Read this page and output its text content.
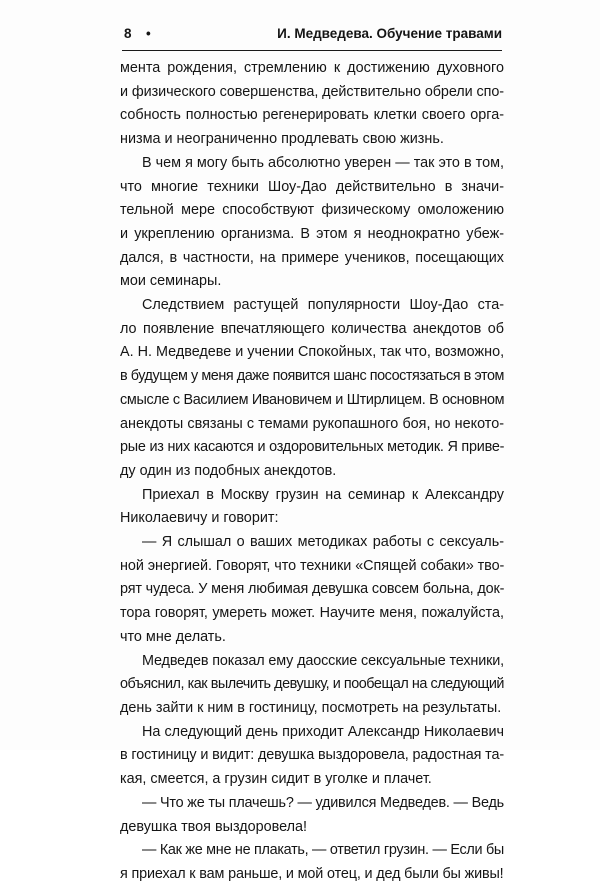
8 •	И. Медведева. Обучение травами
мента рождения, стремлению к достижению духовного
и физического совершенства, действительно обрели спо-
собность полностью регенерировать клетки своего орга-
низма и неограниченно продлевать свою жизнь.
В чем я могу быть абсолютно уверен — так это в том,
что многие техники Шоу-Дао действительно в значи-
тельной мере способствуют физическому омоложению
и укреплению организма. В этом я неоднократно убеж-
дался, в частности, на примере учеников, посещающих
мои семинары.
Следствием растущей популярности Шоу-Дао ста-
ло появление впечатляющего количества анекдотов об
А. Н. Медведеве и учении Спокойных, так что, возможно,
в будущем у меня даже появится шанс посостязаться в этом
смысле с Василием Ивановичем и Штирлицем. В основном
анекдоты связаны с темами рукопашного боя, но некото-
рые из них касаются и оздоровительных методик. Я приве-
ду один из подобных анекдотов.
Приехал в Москву грузин на семинар к Александру
Николаевичу и говорит:
— Я слышал о ваших методиках работы с сексуаль-
ной энергией. Говорят, что техники «Спящей собаки» тво-
рят чудеса. У меня любимая девушка совсем больна, док-
тора говорят, умереть может. Научите меня, пожалуйста,
что мне делать.
Медведев показал ему даосские сексуальные техники,
объяснил, как вылечить девушку, и пообещал на следующий
день зайти к ним в гостиницу, посмотреть на результаты.
На следующий день приходит Александр Николаевич
в гостиницу и видит: девушка выздоровела, радостная та-
кая, смеется, а грузин сидит в уголке и плачет.
— Что же ты плачешь? — удивился Медведев. — Ведь
девушка твоя выздоровела!
— Как же мне не плакать, — ответил грузин. — Если бы
я приехал к вам раньше, и мой отец, и дед были бы живы!
